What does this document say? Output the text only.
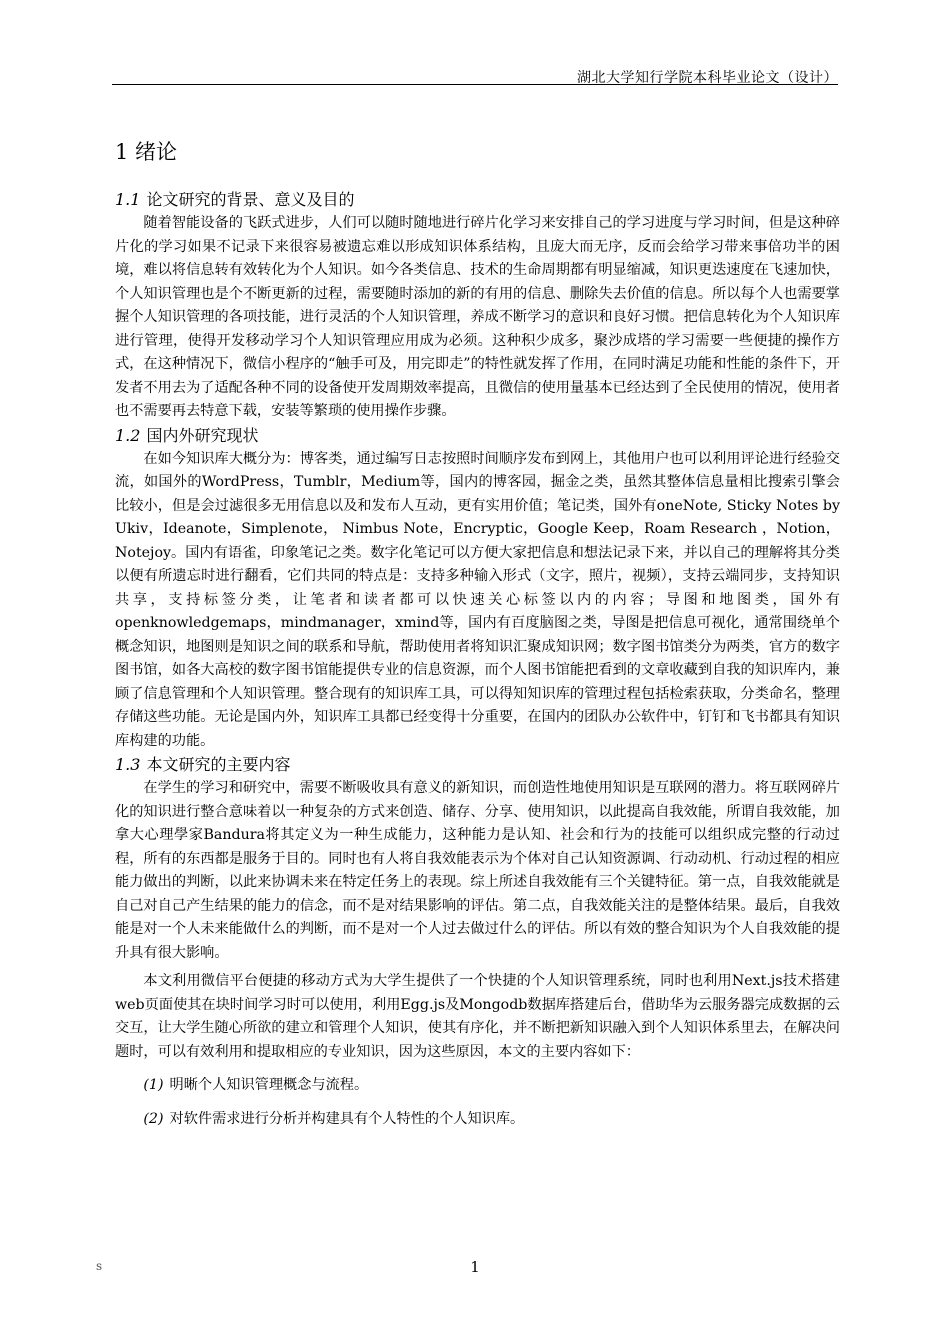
湖北大学知行学院本科毕业论文（设计）
1 绪论
1.1 论文研究的背景、意义及目的

随着智能设备的飞跃式进步，人们可以随时随地进行碎片化学习来安排自己的学习进度与学习时间，但是这种碎片化的学习如果不记录下来很容易被遗忘难以形成知识体系结构，且庞大而无序，反而会给学习带来事倍功半的困境，难以将信息转有效转化为个人知识。如今各类信息、技术的生命周期都有明显缩减，知识更迭速度在飞速加快，个人知识管理也是个不断更新的过程，需要随时添加的新的有用的信息、删除失去价值的信息。所以每个人也需要掌握个人知识管理的各项技能，进行灵活的个人知识管理，养成不断学习的意识和良好习惯。把信息转化为个人知识库进行管理，使得开发移动学习个人知识管理应用成为必须。这种积少成多，聚沙成塔的学习需要一些便捷的操作方式，在这种情况下，微信小程序的“触手可及，用完即走”的特性就发挥了作用，在同时满足功能和性能的条件下，开发者不用去为了适配各种不同的设备使开发周期效率提高，且微信的使用量基本已经达到了全民使用的情况，使用者也不需要再去特意下载，安装等繁琐的使用操作步骤。

1.2 国内外研究现状

在如今知识库大概分为：博客类，通过编写日志按照时间顺序发布到网上，其他用户也可以利用评论进行经验交流，如国外的WordPress，Tumblr，Medium等，国内的博客园，掘金之类，虽然其整体信息量相比搜索引擎会比较小，但是会过滤很多无用信息以及和发布人互动，更有实用价值；笔记类，国外有oneNote, Sticky Notes by Ukiv，Ideanote，Simplenote， Nimbus Note，Encryptic，Google Keep，Roam Research ，Notion，Notejoy。国内有语雀，印象笔记之类。数字化笔记可以方便大家把信息和想法记录下来，并以自己的理解将其分类以便有所遗忘时进行翻看，它们共同的特点是：支持多种输入形式（文字，照片，视频），支持云端同步，支持知识共享，支持标签分类，让笔者和读者都可以快速关心标签以内的内容；导图和地图类，国外有openknowledgemaps，mindmanager，xmind等，国内有百度脑图之类，导图是把信息可视化，通常围绕单个概念知识，地图则是知识之间的联系和导航，帮助使用者将知识汇聚成知识网；数字图书馆类分为两类，官方的数字图书馆，如各大高校的数字图书馆能提供专业的信息资源，而个人图书馆能把看到的文章收藏到自我的知识库内，兼顾了信息管理和个人知识管理。整合现有的知识库工具，可以得知知识库的管理过程包括检索获取，分类命名，整理存储这些功能。无论是国内外，知识库工具都已经变得十分重要，在国内的团队办公软件中，钉钉和飞书都具有知识库构建的功能。

1.3 本文研究的主要内容

在学生的学习和研究中，需要不断吸收具有意义的新知识，而创造性地使用知识是互联网的潜力。将互联网碎片化的知识进行整合意味着以一种复杂的方式来创造、储存、分享、使用知识，以此提高自我效能，所谓自我效能，加拿大心理學家Bandura将其定义为一种生成能力，这种能力是认知、社会和行为的技能可以组织成完整的行动过程，所有的东西都是服务于目的。同时也有人将自我效能表示为个体对自己认知资源调、行动动机、行动过程的相应能力做出的判断，以此来协调未来在特定任务上的表现。综上所述自我效能有三个关键特征。第一点，自我效能就是自己对自己产生结果的能力的信念，而不是对结果影响的评估。第二点，自我效能关注的是整体结果。最后，自我效能是对一个人未来能做什么的判断，而不是对一个人过去做过什么的评估。所以有效的整合知识为个人自我效能的提升具有很大影响。

本文利用微信平台便捷的移动方式为大学生提供了一个快捷的个人知识管理系统，同时也利用Next.js技术搭建web页面使其在块时间学习时可以使用，利用Egg.js及Mongodb数据库搭建后台，借助华为云服务器完成数据的云交互，让大学生随心所欲的建立和管理个人知识，使其有序化，并不断把新知识融入到个人知识体系里去，在解决问题时，可以有效利用和提取相应的专业知识，因为这些原因，本文的主要内容如下：

(1) 明晰个人知识管理概念与流程。
(2) 对软件需求进行分析并构建具有个人特性的个人知识库。
s	1
